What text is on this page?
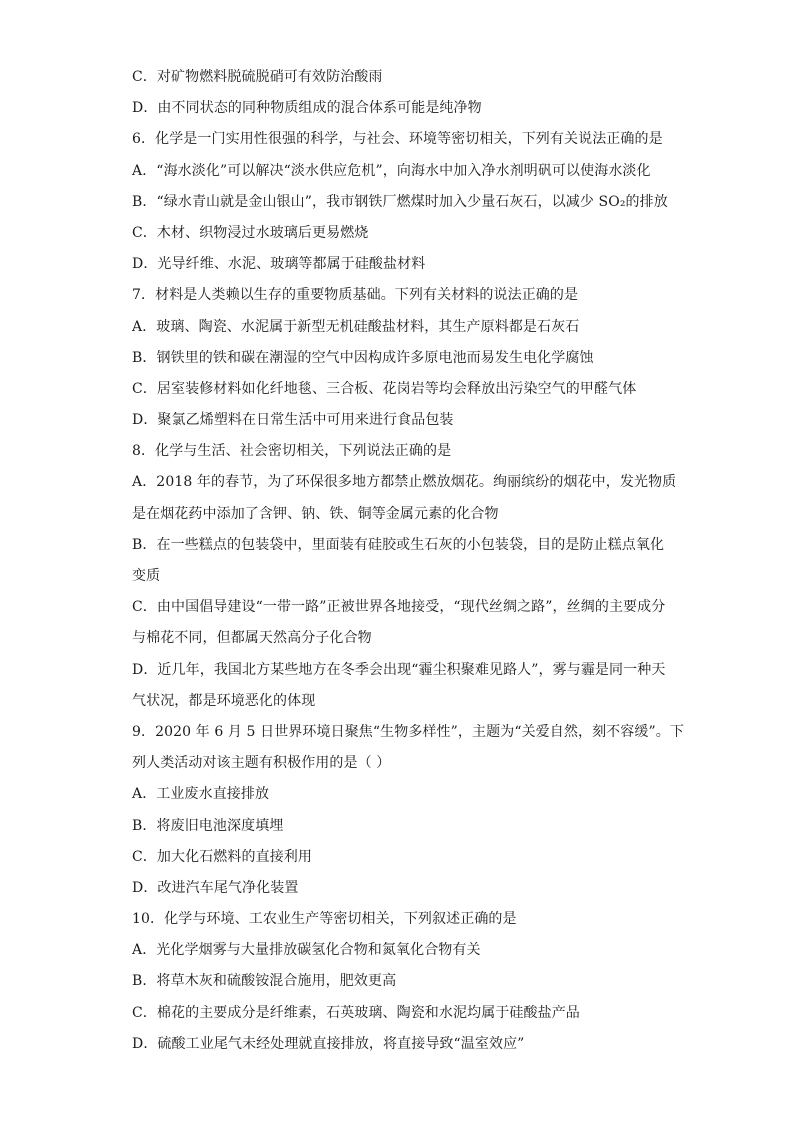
C．对矿物燃料脱硫脱硝可有效防治酸雨
D．由不同状态的同种物质组成的混合体系可能是纯净物
6．化学是一门实用性很强的科学，与社会、环境等密切相关，下列有关说法正确的是
A．“海水淡化”可以解决“淡水供应危机”，向海水中加入净水剂明矾可以使海水淡化
B．“绿水青山就是金山银山”，我市钢铁厂燃煤时加入少量石灰石，以减少 SO₂的排放
C．木材、织物浸过水玻璃后更易燃烧
D．光导纤维、水泥、玻璃等都属于硅酸盐材料
7．材料是人类赖以生存的重要物质基础。下列有关材料的说法正确的是
A．玻璃、陶瓷、水泥属于新型无机硅酸盐材料，其生产原料都是石灰石
B．钢铁里的铁和碳在潮湿的空气中因构成许多原电池而易发生电化学腐蚀
C．居室装修材料如化纤地毯、三合板、花岗岩等均会释放出污染空气的甲醛气体
D．聚氯乙烯塑料在日常生活中可用来进行食品包装
8．化学与生活、社会密切相关，下列说法正确的是
A．2018 年的春节，为了环保很多地方都禁止燃放烟花。绚丽缤纷的烟花中，发光物质
是在烟花药中添加了含钾、钠、铁、铜等金属元素的化合物
B．在一些糕点的包装袋中，里面装有硅胶或生石灰的小包装袋，目的是防止糕点氧化
变质
C．由中国倡导建设“一带一路”正被世界各地接受，“现代丝绸之路”，丝绸的主要成分
与棉花不同，但都属天然高分子化合物
D．近几年，我国北方某些地方在冬季会出现“霾尘积聚难见路人”，雾与霾是同一种天
气状况，都是环境恶化的体现
9．2020 年 6 月 5 日世界环境日聚焦“生物多样性”，主题为“关爱自然，刻不容缓”。下
列人类活动对该主题有积极作用的是（ ）
A．工业废水直接排放
B．将废旧电池深度填埋
C．加大化石燃料的直接利用
D．改进汽车尾气净化装置
10．化学与环境、工农业生产等密切相关，下列叙述正确的是
A．光化学烟雾与大量排放碳氢化合物和氮氧化合物有关
B．将草木灰和硫酸铵混合施用，肥效更高
C．棉花的主要成分是纤维素，石英玻璃、陶瓷和水泥均属于硅酸盐产品
D．硫酸工业尾气未经处理就直接排放，将直接导致“温室效应”
